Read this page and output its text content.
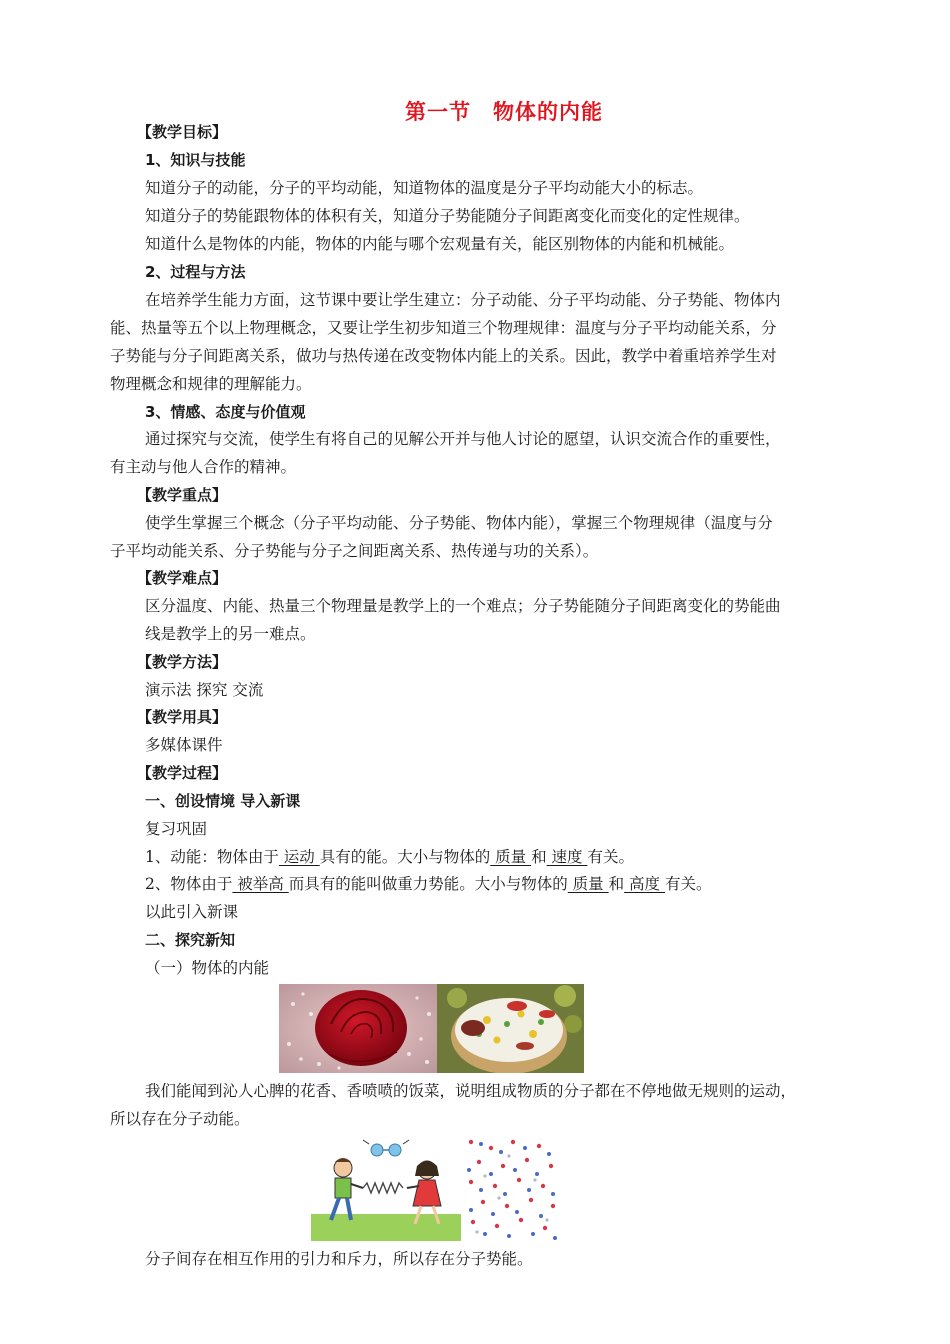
第一节　物体的内能
【教学目标】
1、知识与技能
知道分子的动能，分子的平均动能，知道物体的温度是分子平均动能大小的标志。
知道分子的势能跟物体的体积有关，知道分子势能随分子间距离变化而变化的定性规律。
知道什么是物体的内能，物体的内能与哪个宏观量有关，能区别物体的内能和机械能。
2、过程与方法
在培养学生能力方面，这节课中要让学生建立：分子动能、分子平均动能、分子势能、物体内
能、热量等五个以上物理概念，又要让学生初步知道三个物理规律：温度与分子平均动能关系，分
子势能与分子间距离关系，做功与热传递在改变物体内能上的关系。因此，教学中着重培养学生对
物理概念和规律的理解能力。
3、情感、态度与价值观
通过探究与交流，使学生有将自己的见解公开并与他人讨论的愿望，认识交流合作的重要性，
有主动与他人合作的精神。
【教学重点】
使学生掌握三个概念（分子平均动能、分子势能、物体内能），掌握三个物理规律（温度与分
子平均动能关系、分子势能与分子之间距离关系、热传递与功的关系）。
【教学难点】
区分温度、内能、热量三个物理量是教学上的一个难点；分子势能随分子间距离变化的势能曲
线是教学上的另一难点。
【教学方法】
演示法 探究 交流
【教学用具】
多媒体课件
【教学过程】
一、创设情境 导入新课
复习巩固
1、动能：物体由于 运动 具有的能。大小与物体的 质量 和 速度 有关。
2、物体由于 被举高 而具有的能叫做重力势能。大小与物体的 质量 和 高度 有关。
以此引入新课
二、探究新知
（一）物体的内能
我们能闻到沁人心脾的花香、香喷喷的饭菜，说明组成物质的分子都在不停地做无规则的运动，
所以存在分子动能。
分子间存在相互作用的引力和斥力，所以存在分子势能。
